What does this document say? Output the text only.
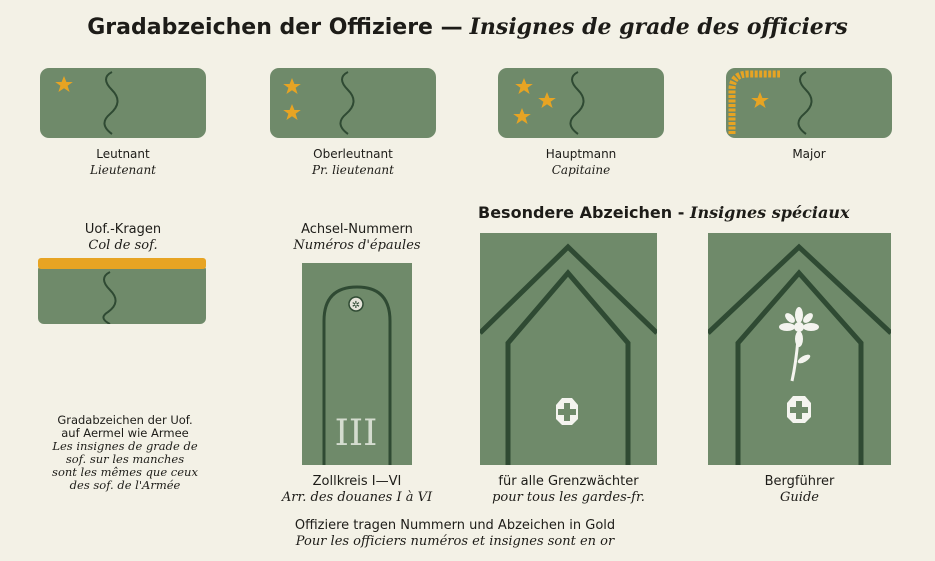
Gradabzeichen der Offiziere — Insignes de grade des officiers
Leutnant
Lieutenant
Oberleutnant
Pr. lieutenant
Hauptmann
Capitaine
Major
Uof.-Kragen
Col de sof.
Achsel-Nummern
Numéros d'épaules
✲
III
Besondere Abzeichen - Insignes spéciaux
Zollkreis I—VI
Arr. des douanes I à VI
für alle Grenzwächter
pour tous les gardes-fr.
Bergführer
Guide
Gradabzeichen der Uof.
auf Aermel wie Armee
Les insignes de grade de
sof. sur les manches
sont les mêmes que ceux
des sof. de l'Armée
Offiziere tragen Nummern und Abzeichen in Gold
Pour les officiers numéros et insignes sont en or
